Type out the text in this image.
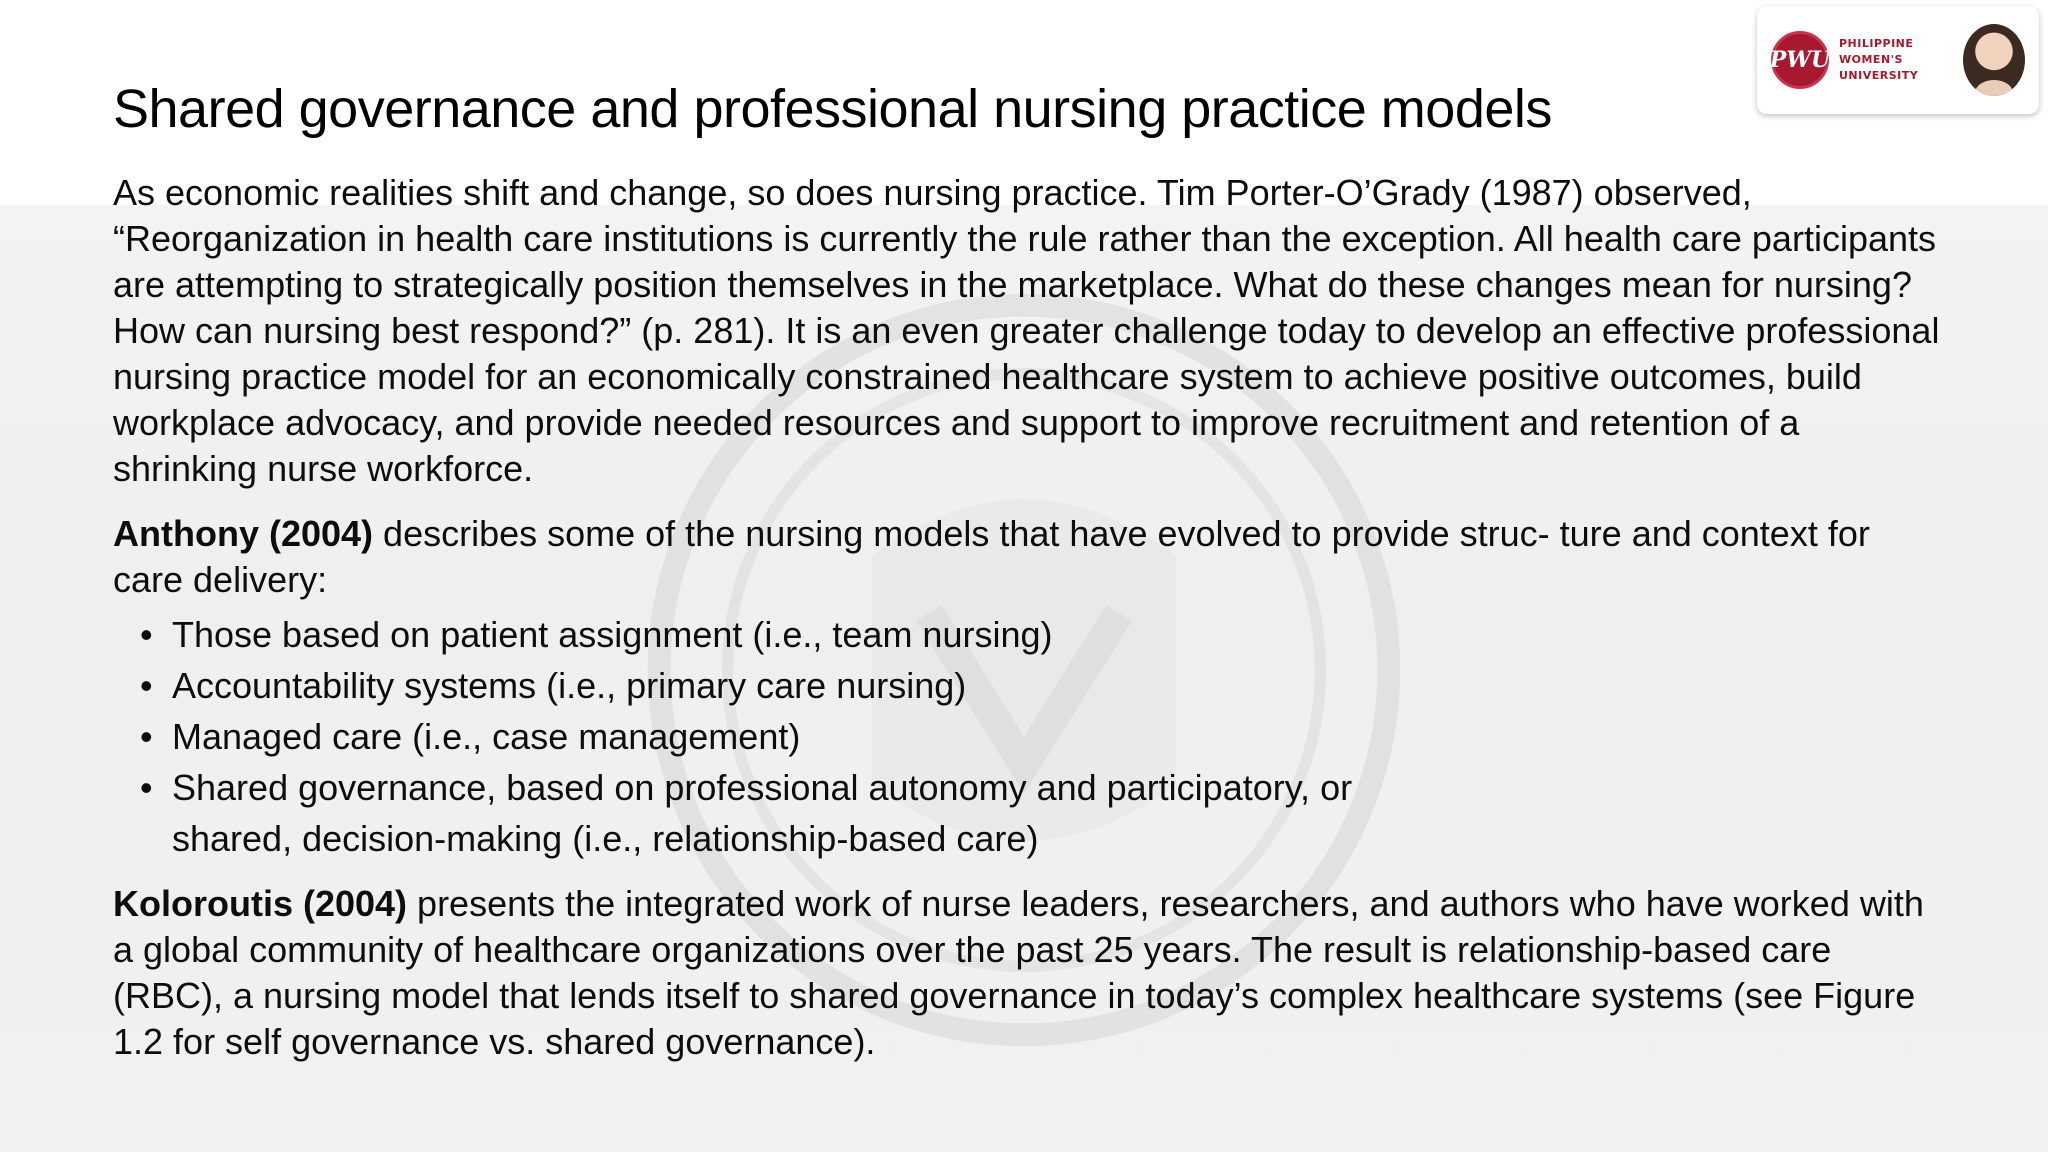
Shared governance and professional nursing practice models

As economic realities shift and change, so does nursing practice. Tim Porter-O’Grady (1987) observed, “Reorganization in health care institutions is currently the rule rather than the exception. All health care participants are attempting to strategically position themselves in the marketplace. What do these changes mean for nursing? How can nursing best respond?” (p. 281). It is an even greater challenge today to develop an effective professional nursing practice model for an economically constrained healthcare system to achieve positive outcomes, build workplace advocacy, and provide needed resources and support to improve recruitment and retention of a shrinking nurse workforce.

Anthony (2004) describes some of the nursing models that have evolved to provide struc- ture and context for care delivery:

• Those based on patient assignment (i.e., team nursing)
• Accountability systems (i.e., primary care nursing)
• Managed care (i.e., case management)
• Shared governance, based on professional autonomy and participatory, or
shared, decision-making (i.e., relationship-based care)

Koloroutis (2004) presents the integrated work of nurse leaders, researchers, and authors who have worked with a global community of healthcare organizations over the past 25 years. The result is relationship-based care (RBC), a nursing model that lends itself to shared governance in today’s complex healthcare systems (see Figure 1.2 for self governance vs. shared governance).

PWU
PHILIPPINE
WOMEN'S
UNIVERSITY
